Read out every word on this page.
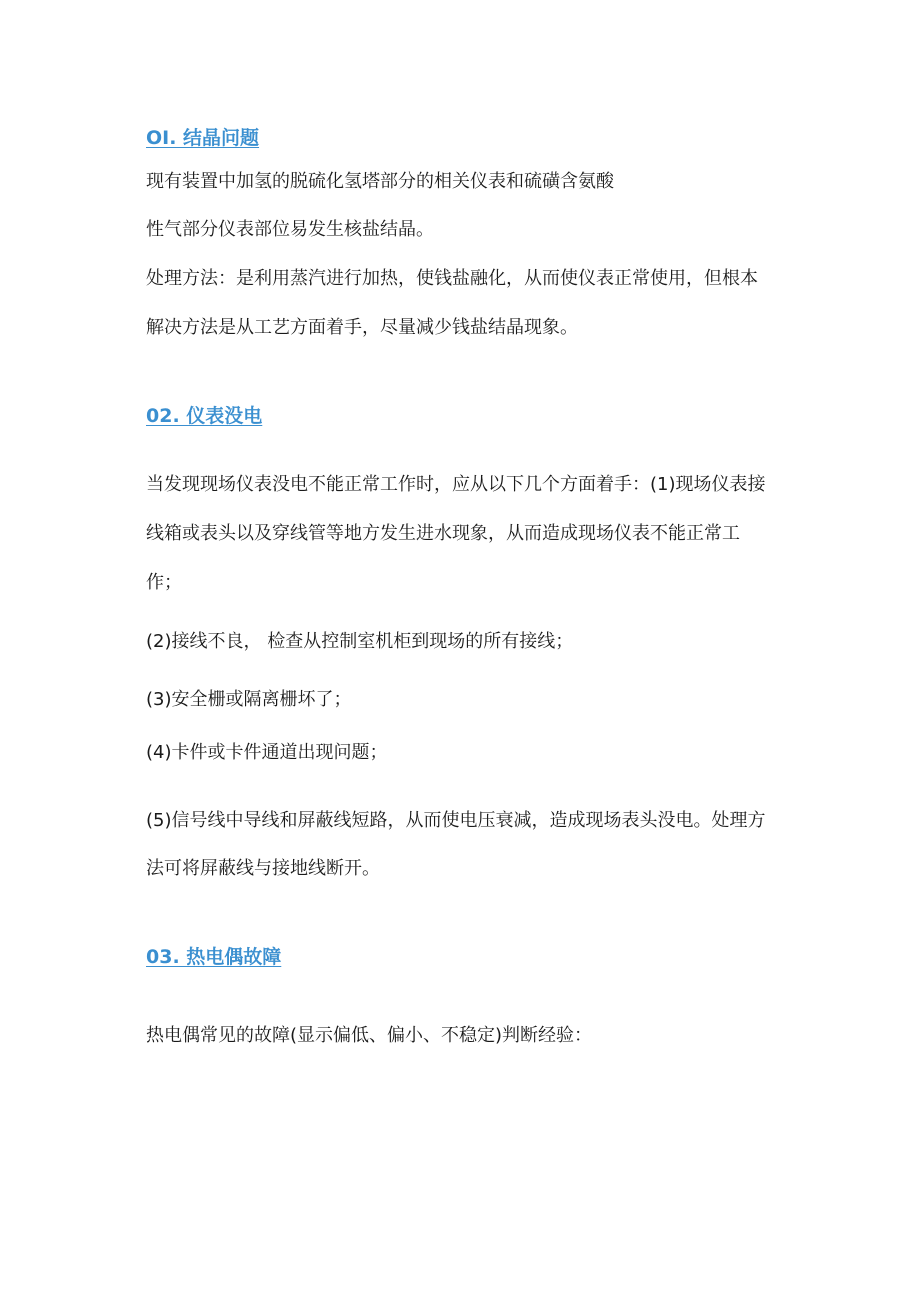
OI. 结晶问题
现有装置中加氢的脱硫化氢塔部分的相关仪表和硫磺含氨酸
性气部分仪表部位易发生核盐结晶。
处理方法：是利用蒸汽进行加热，使钱盐融化，从而使仪表正常使用，但根本
解决方法是从工艺方面着手，尽量减少钱盐结晶现象。
02. 仪表没电
当发现现场仪表没电不能正常工作时，应从以下几个方面着手：(1)现场仪表接
线箱或表头以及穿线管等地方发生进水现象，从而造成现场仪表不能正常工
作；
(2)接线不良， 检查从控制室机柜到现场的所有接线；
(3)安全栅或隔离栅坏了；
(4)卡件或卡件通道出现问题；
(5)信号线中导线和屏蔽线短路，从而使电压衰减，造成现场表头没电。处理方
法可将屏蔽线与接地线断开。
03. 热电偶故障
热电偶常见的故障(显示偏低、偏小、不稳定)判断经验：
